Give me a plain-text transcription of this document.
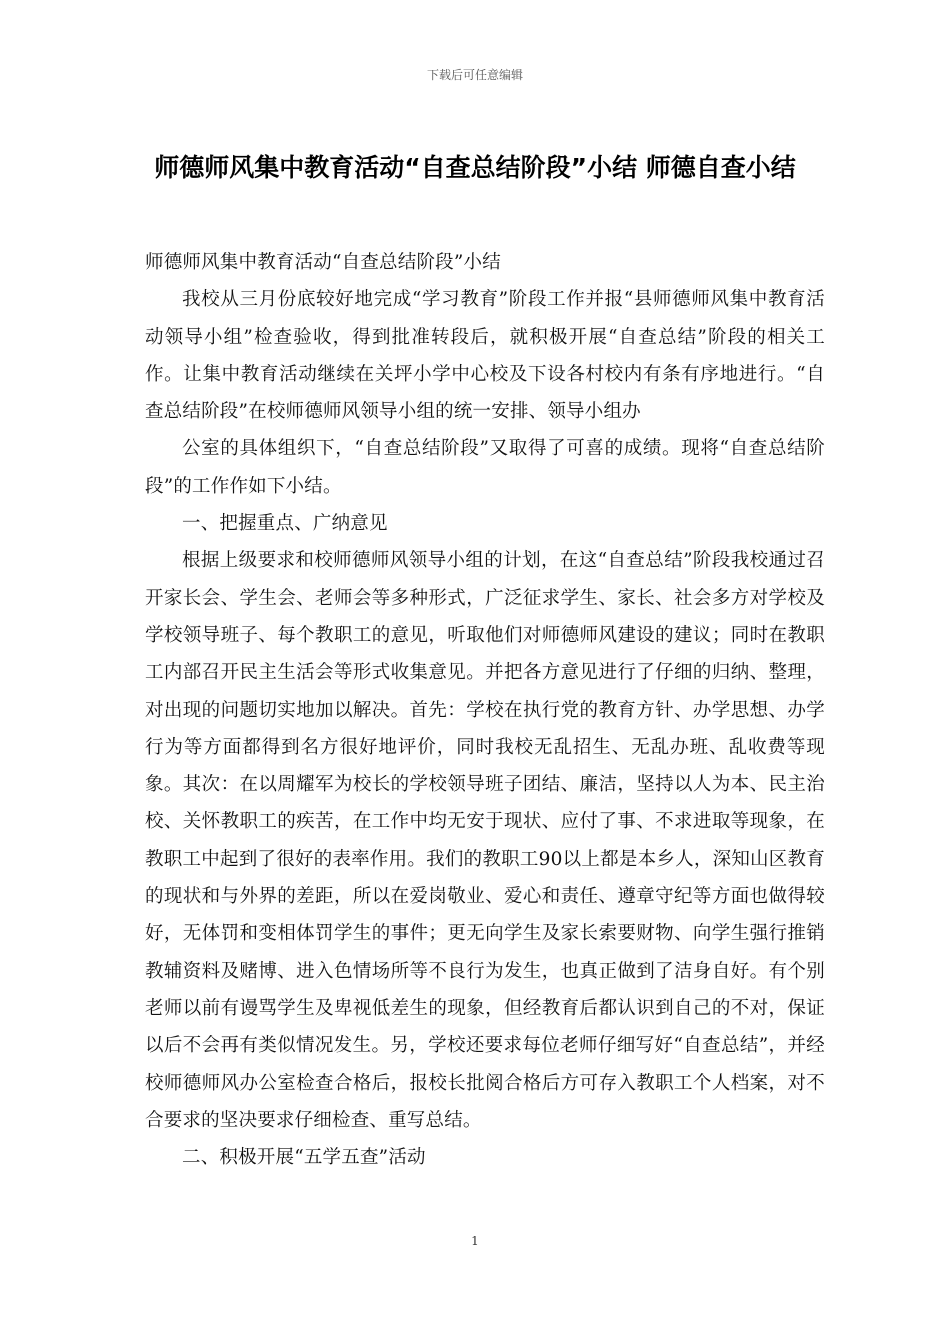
下载后可任意编辑
师德师风集中教育活动“自查总结阶段”小结 师德自查小结

师德师风集中教育活动“自查总结阶段”小结

我校从三月份底较好地完成“学习教育”阶段工作并报“县师德师风集中教育活动领导小组”检查验收，得到批准转段后，就积极开展“自查总结”阶段的相关工作。让集中教育活动继续在关坪小学中心校及下设各村校内有条有序地进行。“自查总结阶段”在校师德师风领导小组的统一安排、领导小组办

公室的具体组织下，“自查总结阶段”又取得了可喜的成绩。现将“自查总结阶段”的工作作如下小结。

一、把握重点、广纳意见

根据上级要求和校师德师风领导小组的计划，在这“自查总结”阶段我校通过召开家长会、学生会、老师会等多种形式，广泛征求学生、家长、社会多方对学校及学校领导班子、每个教职工的意见，听取他们对师德师风建设的建议；同时在教职工内部召开民主生活会等形式收集意见。并把各方意见进行了仔细的归纳、整理，对出现的问题切实地加以解决。首先：学校在执行党的教育方针、办学思想、办学行为等方面都得到名方很好地评价，同时我校无乱招生、无乱办班、乱收费等现象。其次：在以周耀军为校长的学校领导班子团结、廉洁，坚持以人为本、民主治校、关怀教职工的疾苦，在工作中均无安于现状、应付了事、不求进取等现象，在教职工中起到了很好的表率作用。我们的教职工90以上都是本乡人，深知山区教育的现状和与外界的差距，所以在爱岗敬业、爱心和责任、遵章守纪等方面也做得较好，无体罚和变相体罚学生的事件；更无向学生及家长索要财物、向学生强行推销教辅资料及赌博、进入色情场所等不良行为发生，也真正做到了洁身自好。有个别老师以前有谩骂学生及卑视低差生的现象，但经教育后都认识到自己的不对，保证以后不会再有类似情况发生。另，学校还要求每位老师仔细写好“自查总结”，并经校师德师风办公室检查合格后，报校长批阅合格后方可存入教职工个人档案，对不合要求的坚决要求仔细检查、重写总结。

二、积极开展“五学五查”活动

1
